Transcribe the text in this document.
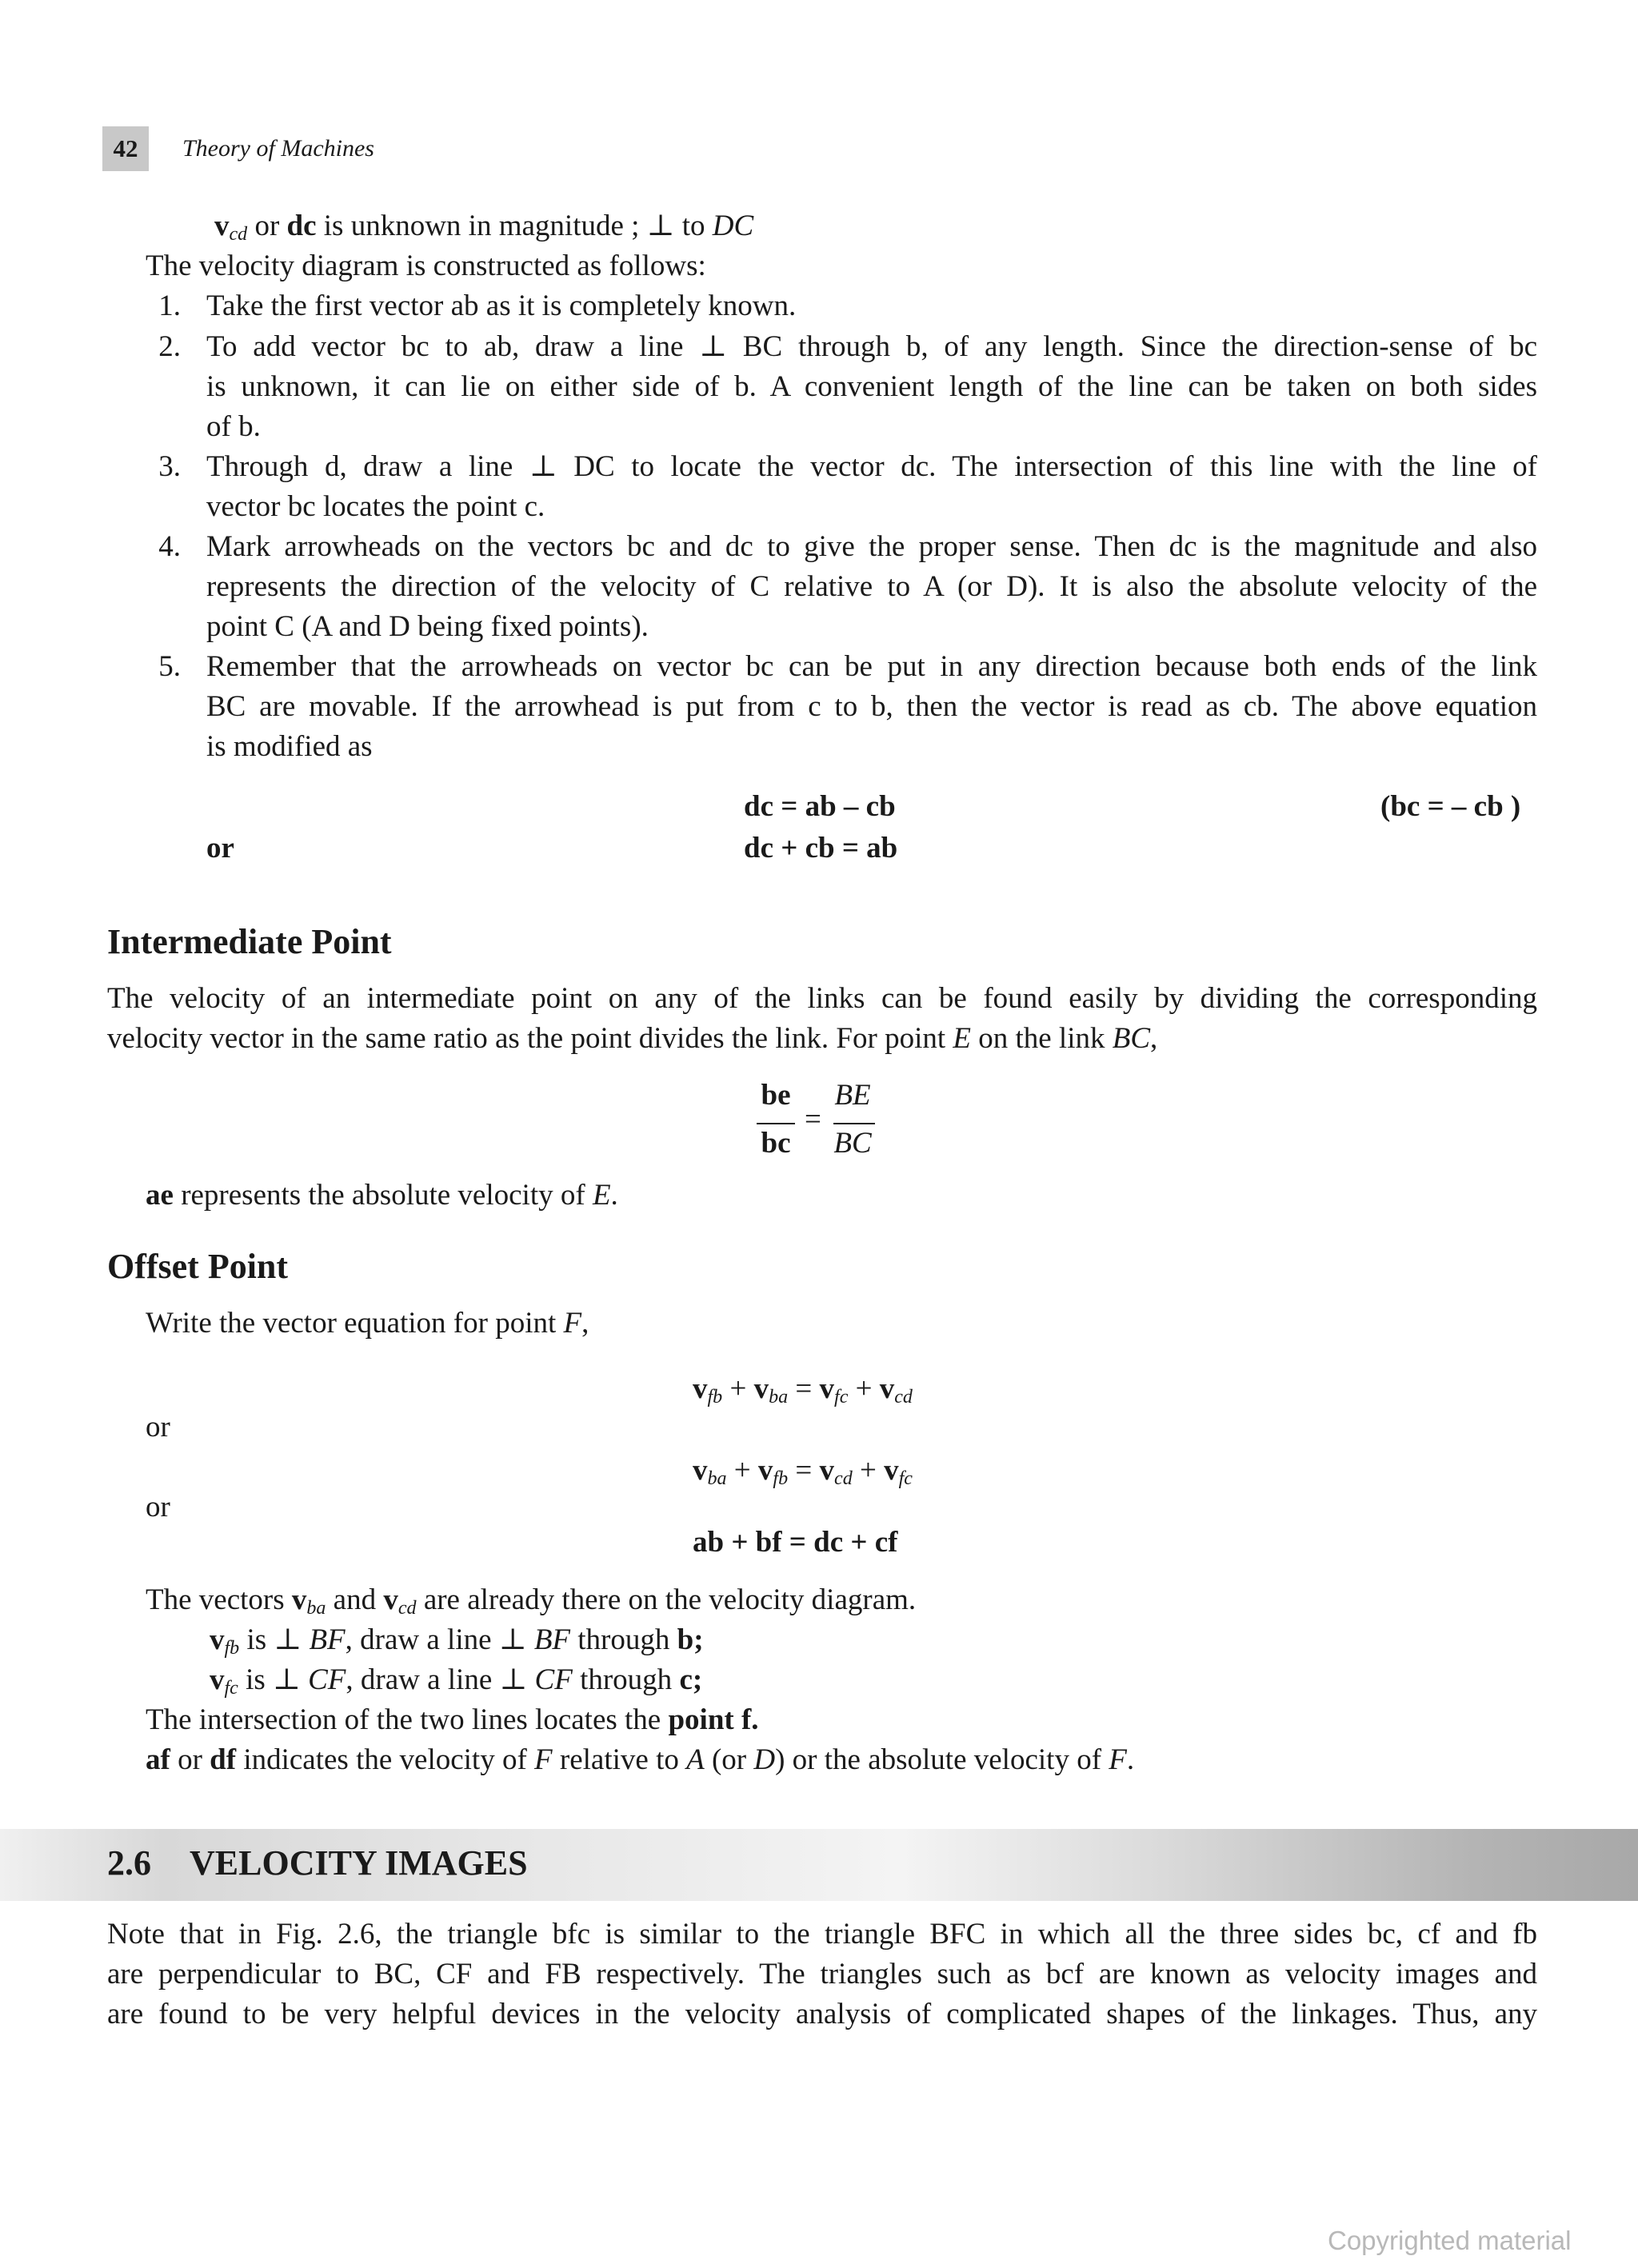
42	Theory of Machines
$v_{cd}$ or dc is unknown in magnitude ; ⊥ to DC
The velocity diagram is constructed as follows:
1. Take the first vector ab as it is completely known.
2. To add vector bc to ab, draw a line ⊥ BC through b, of any length. Since the direction-sense of bc
is unknown, it can lie on either side of b. A convenient length of the line can be taken on both sides
of b.
3. Through d, draw a line ⊥ DC to locate the vector dc. The intersection of this line with the line of
vector bc locates the point c.
4. Mark arrowheads on the vectors bc and dc to give the proper sense. Then dc is the magnitude and also
represents the direction of the velocity of C relative to A (or D). It is also the absolute velocity of the
point C (A and D being fixed points).
5. Remember that the arrowheads on vector bc can be put in any direction because both ends of the link
BC are movable. If the arrowhead is put from c to b, then the vector is read as cb. The above equation
is modified as
dc = ab – cb	(bc = – cb )
or	dc + cb = ab
Intermediate Point
The velocity of an intermediate point on any of the links can be found easily by dividing the corresponding
velocity vector in the same ratio as the point divides the link. For point E on the link BC,
be
bc
=
BE
BC
ae represents the absolute velocity of E.
Offset Point
Write the vector equation for point F,
$v_{fb} + v_{ba} = v_{fc} + v_{cd}$
or
$v_{ba} + v_{fb} = v_{cd} + v_{fc}$
or
ab + bf = dc + cf
The vectors $v_{ba}$ and $v_{cd}$ are already there on the velocity diagram.
$v_{fb}$ is ⊥ BF, draw a line ⊥ BF through b;
$v_{fc}$ is ⊥ CF, draw a line ⊥ CF through c;
The intersection of the two lines locates the point f.
af or df indicates the velocity of F relative to A (or D) or the absolute velocity of F.
2.6 VELOCITY IMAGES
Note that in Fig. 2.6, the triangle bfc is similar to the triangle BFC in which all the three sides bc, cf and fb
are perpendicular to BC, CF and FB respectively. The triangles such as bcf are known as velocity images and
are found to be very helpful devices in the velocity analysis of complicated shapes of the linkages. Thus, any
Copyrighted material
